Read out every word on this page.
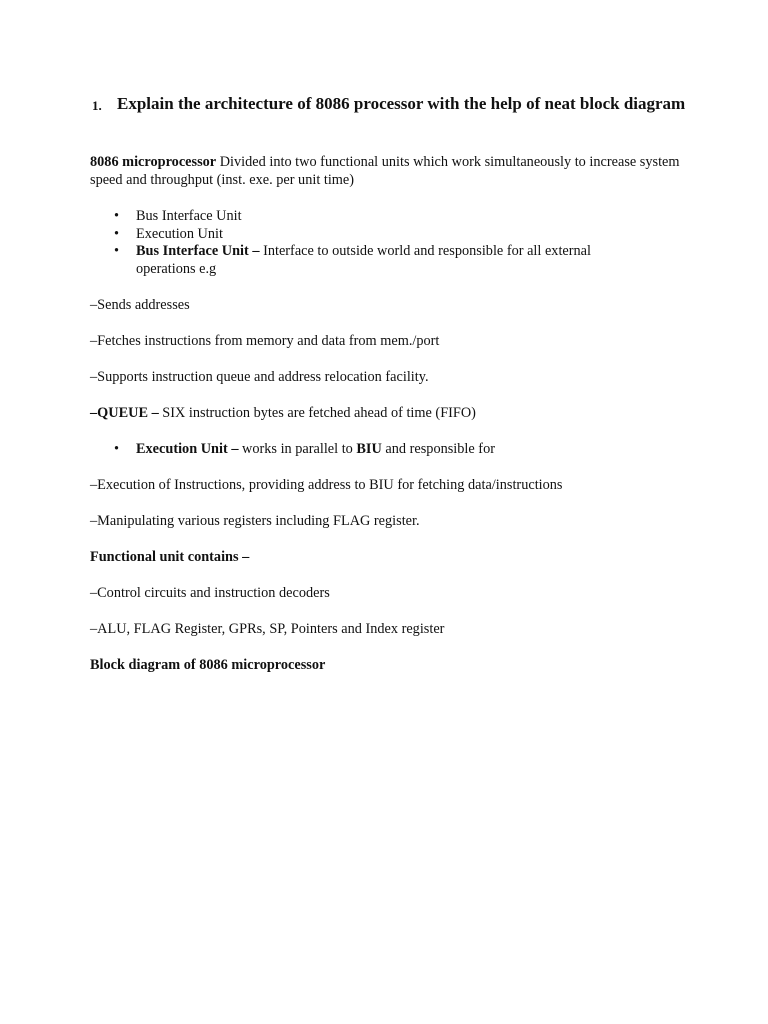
1. Explain the architecture of 8086 processor with the help of neat block diagram
8086 microprocessor Divided into two functional units which work simultaneously to increase system speed and throughput (inst. exe. per unit time)
• Bus Interface Unit
• Execution Unit
• Bus Interface Unit – Interface to outside world and responsible for all external operations e.g
–Sends addresses
–Fetches instructions from memory and data from mem./port
–Supports instruction queue and address relocation facility.
–QUEUE – SIX instruction bytes are fetched ahead of time (FIFO)
• Execution Unit – works in parallel to BIU and responsible for
–Execution of Instructions, providing address to BIU for fetching data/instructions
–Manipulating various registers including FLAG register.
Functional unit contains –
–Control circuits and instruction decoders
–ALU, FLAG Register, GPRs, SP, Pointers and Index register
Block diagram of 8086 microprocessor
